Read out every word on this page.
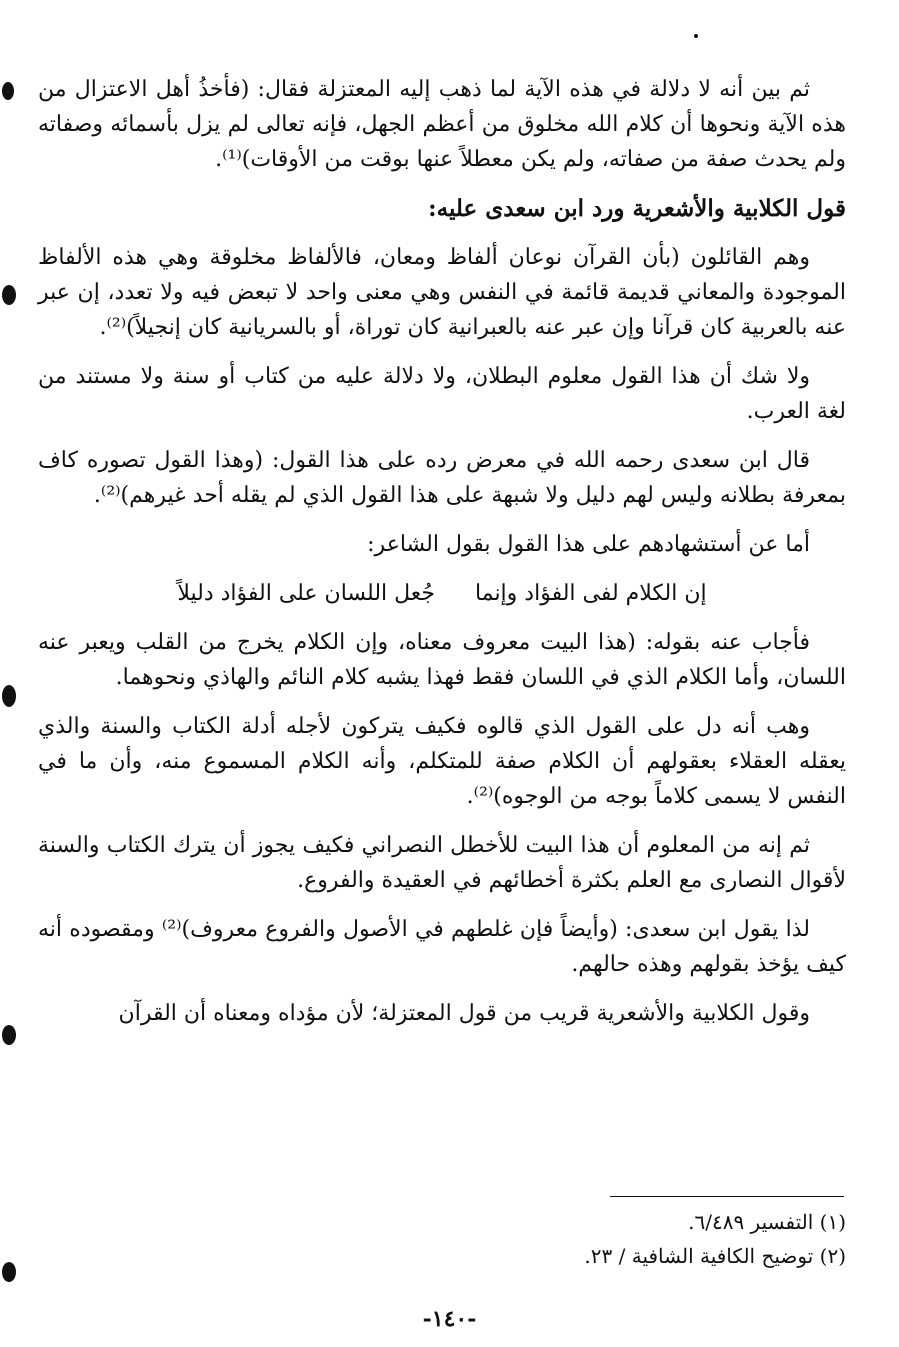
ثم بين أنه لا دلالة في هذه الآية لما ذهب إليه المعتزلة فقال: (فأخذُ أهل الاعتزال من هذه الآية ونحوها أن كلام الله مخلوق من أعظم الجهل، فإنه تعالى لم يزل بأسمائه وصفاته ولم يحدث صفة من صفاته، ولم يكن معطلاً عنها بوقت من الأوقات)⁽¹⁾.

قول الكلابية والأشعرية ورد ابن سعدى عليه:

وهم القائلون (بأن القرآن نوعان ألفاظ ومعان، فالألفاظ مخلوقة وهي هذه الألفاظ الموجودة والمعاني قديمة قائمة في النفس وهي معنى واحد لا تبعض فيه ولا تعدد، إن عبر عنه بالعربية كان قرآنا وإن عبر عنه بالعبرانية كان توراة، أو بالسريانية كان إنجيلاً)⁽²⁾.

ولا شك أن هذا القول معلوم البطلان، ولا دلالة عليه من كتاب أو سنة ولا مستند من لغة العرب.

قال ابن سعدى رحمه الله في معرض رده على هذا القول: (وهذا القول تصوره كاف بمعرفة بطلانه وليس لهم دليل ولا شبهة على هذا القول الذي لم يقله أحد غيرهم)⁽²⁾.

أما عن أستشهادهم على هذا القول بقول الشاعر:

إن الكلام لفى الفؤاد وإنماجُعل اللسان على الفؤاد دليلاً

فأجاب عنه بقوله: (هذا البيت معروف معناه، وإن الكلام يخرج من القلب ويعبر عنه اللسان، وأما الكلام الذي في اللسان فقط فهذا يشبه كلام النائم والهاذي ونحوهما.

وهب أنه دل على القول الذي قالوه فكيف يتركون لأجله أدلة الكتاب والسنة والذي يعقله العقلاء بعقولهم أن الكلام صفة للمتكلم، وأنه الكلام المسموع منه، وأن ما في النفس لا يسمى كلاماً بوجه من الوجوه)⁽²⁾.

ثم إنه من المعلوم أن هذا البيت للأخطل النصراني فكيف يجوز أن يترك الكتاب والسنة لأقوال النصارى مع العلم بكثرة أخطائهم في العقيدة والفروع.

لذا يقول ابن سعدى: (وأيضاً فإن غلطهم في الأصول والفروع معروف)⁽²⁾ ومقصوده أنه كيف يؤخذ بقولهم وهذه حالهم.

وقول الكلابية والأشعرية قريب من قول المعتزلة؛ لأن مؤداه ومعناه أن القرآن

(١) التفسير ٦/٤٨٩.
(٢) توضيح الكافية الشافية / ٢٣.
-١٤٠-
